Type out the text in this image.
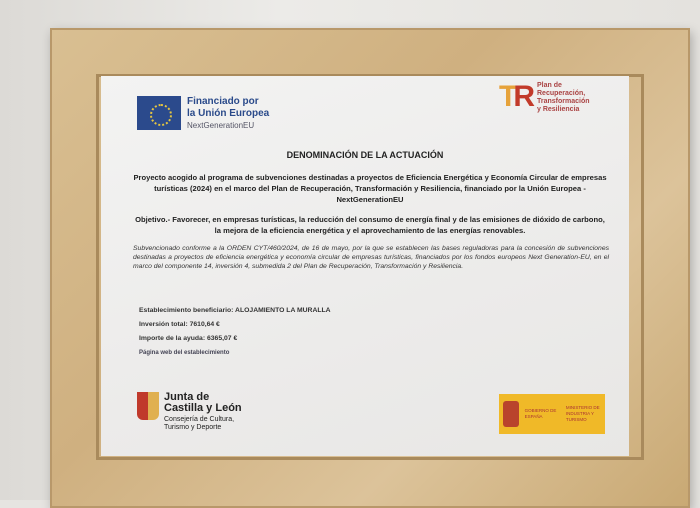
Financiado por
la Unión Europea
NextGenerationEU
TR Plan de Recuperación, Transformación y Resiliencia
DENOMINACIÓN DE LA ACTUACIÓN
Proyecto acogido al programa de subvenciones destinadas a proyectos de Eficiencia Energética y Economía Circular de empresas turísticas (2024) en el marco del Plan de Recuperación, Transformación y Resiliencia, financiado por la Unión Europea - NextGenerationEU
Objetivo.- Favorecer, en empresas turísticas, la reducción del consumo de energía final y de las emisiones de dióxido de carbono, la mejora de la eficiencia energética y el aprovechamiento de las energías renovables.
Subvencionado conforme a la ORDEN CYT/460/2024, de 16 de mayo, por la que se establecen las bases reguladoras para la concesión de subvenciones destinadas a proyectos de eficiencia energética y economía circular de empresas turísticas, financiados por los fondos europeos Next Generation-EU, en el marco del componente 14, inversión 4, submedida 2 del Plan de Recuperación, Transformación y Resiliencia.
Establecimiento beneficiario: ALOJAMIENTO LA MURALLA
Inversión total: 7610,64 €
Importe de la ayuda: 6365,07 €
Página web del establecimiento
Junta de
Castilla y León
Consejería de Cultura,
Turismo y Deporte
GOBIERNO DE ESPAÑA
MINISTERIO DE INDUSTRIA Y TURISMO
